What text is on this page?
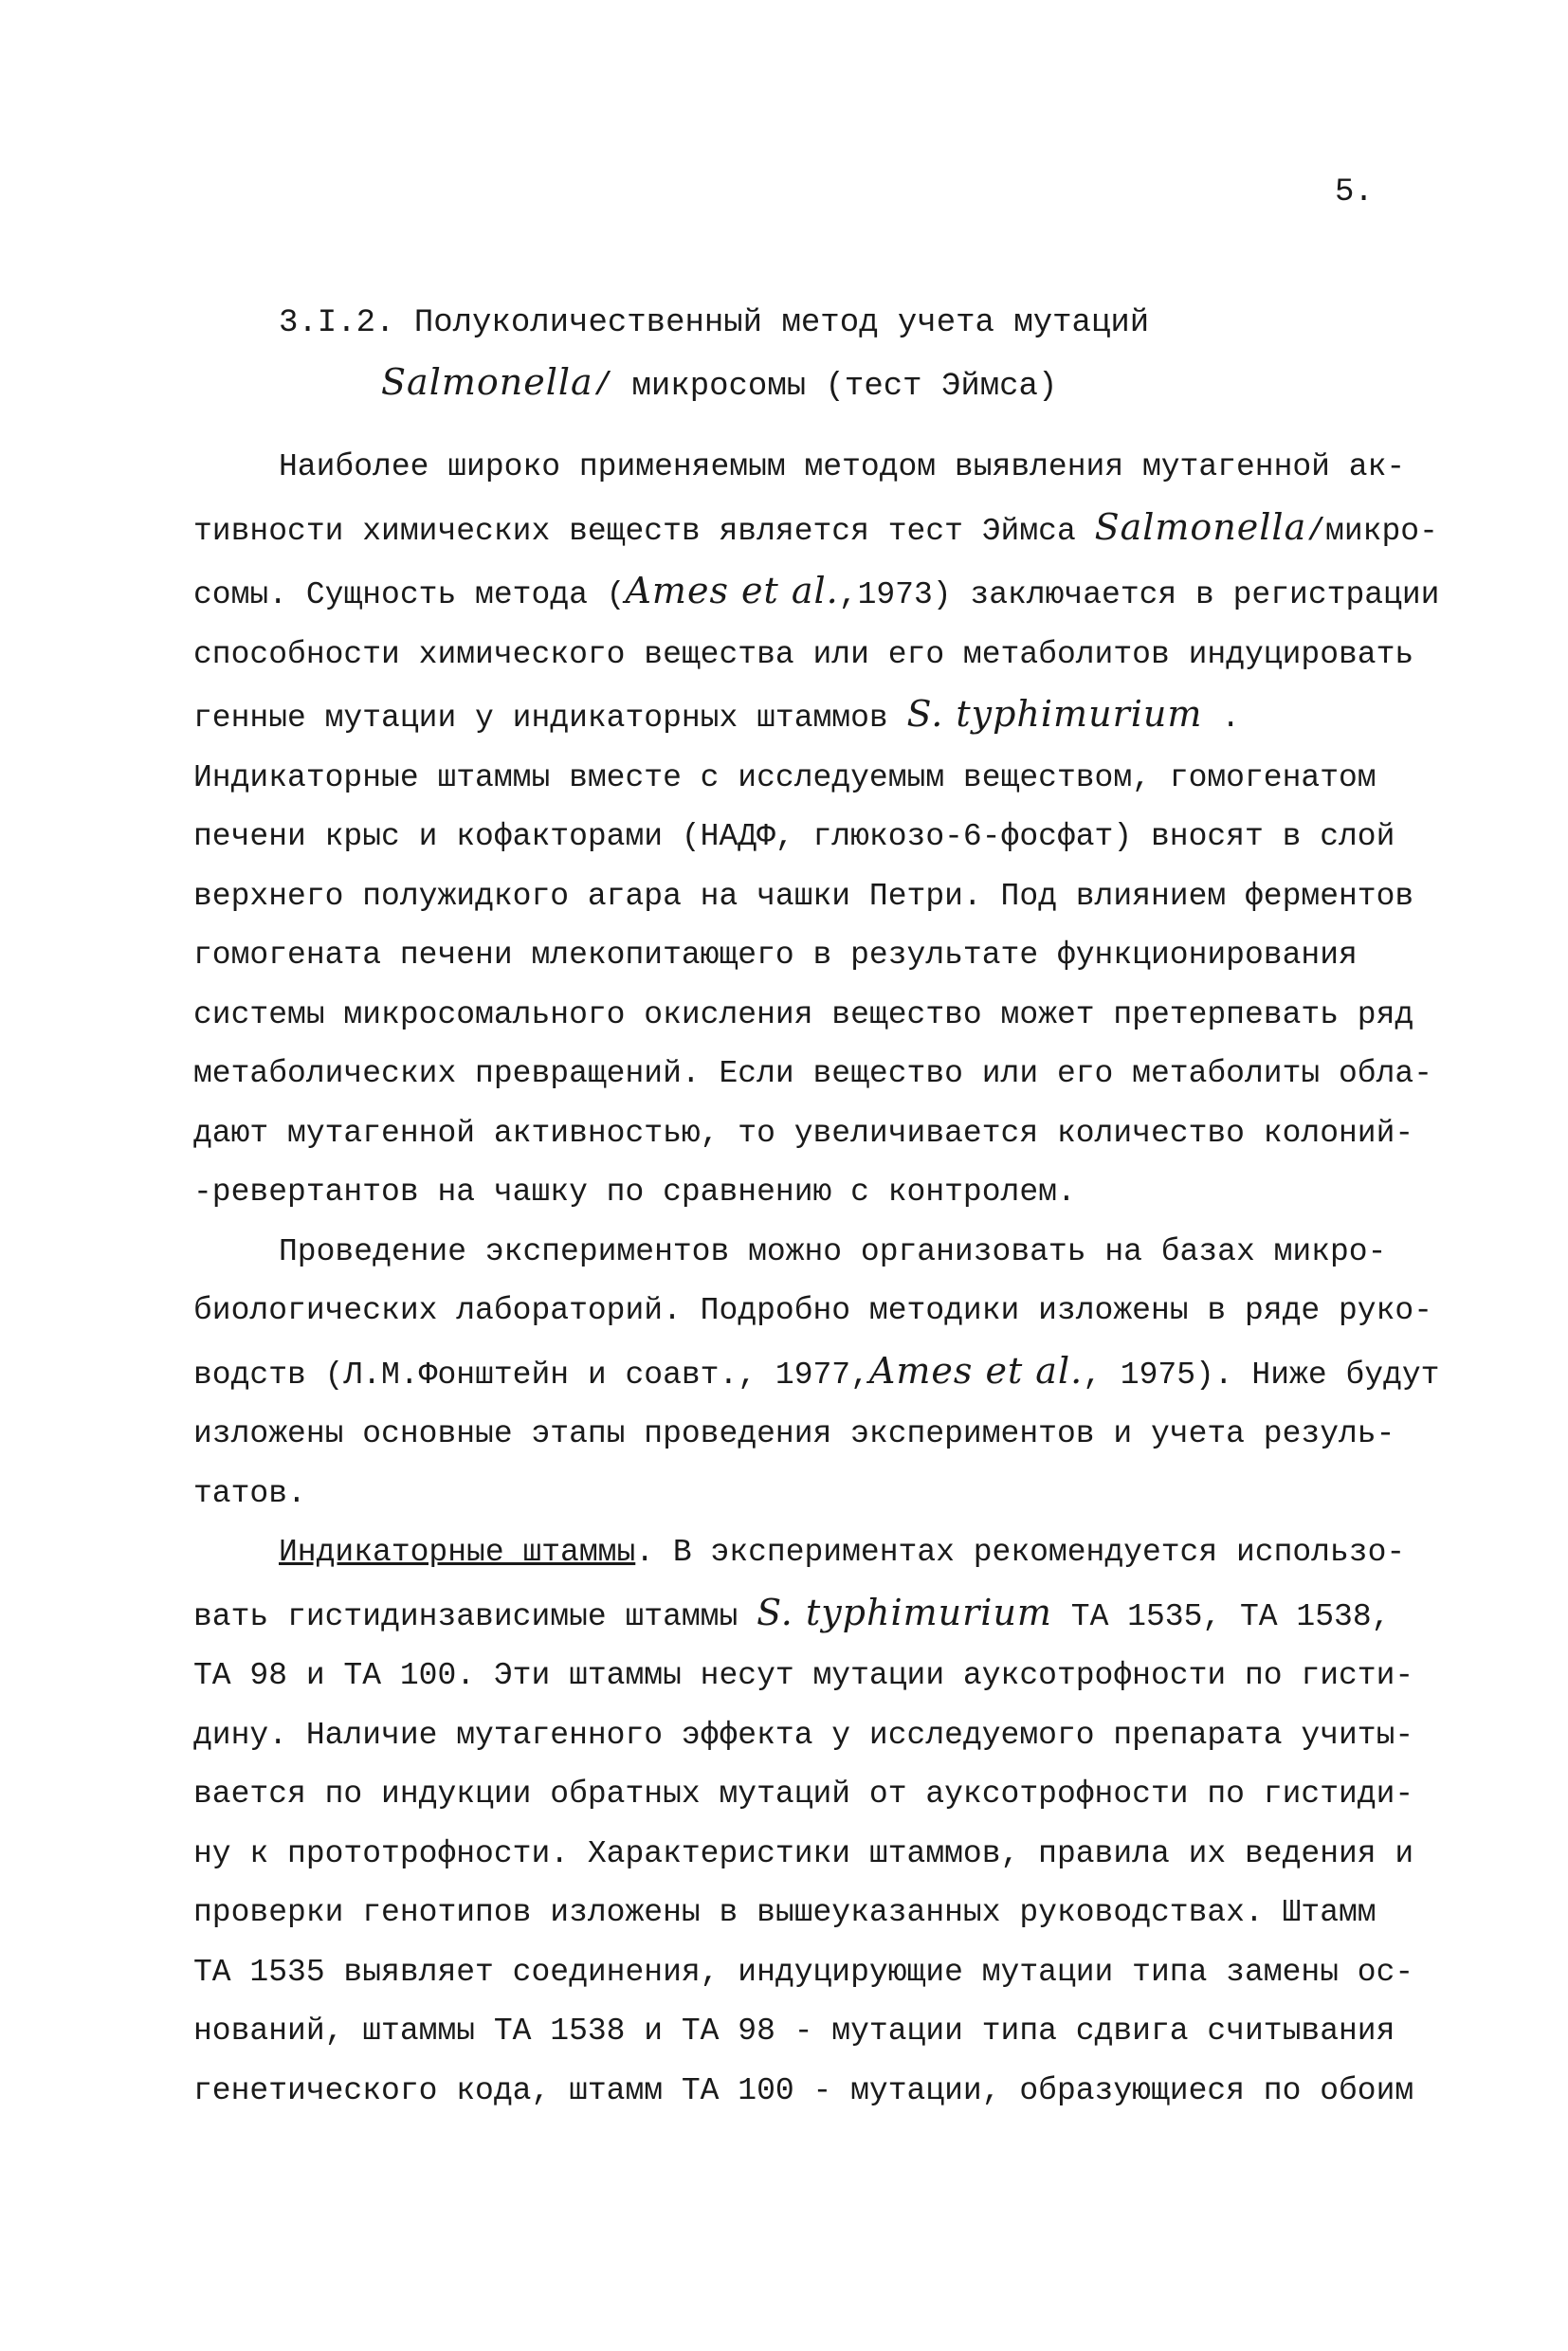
5.
3.I.2. Полуколичественный метод учета мутаций
Salmonella/ микросомы (тест Эймса)

Наиболее широко применяемым методом выявления мутагенной ак-
тивности химических веществ является тест Эймса Salmonella/микро-
сомы. Сущность метода (Ames et al.,1973) заключается в регистрации
способности химического вещества или его метаболитов индуцировать
генные мутации у индикаторных штаммов S. typhimurium .
Индикаторные штаммы вместе с исследуемым веществом, гомогенатом
печени крыс и кофакторами (НАДФ, глюкозо-6-фосфат) вносят в слой
верхнего полужидкого агара на чашки Петри. Под влиянием ферментов
гомогената печени млекопитающего в результате функционирования
системы микросомального окисления вещество может претерпевать ряд
метаболических превращений. Если вещество или его метаболиты обла-
дают мутагенной активностью, то увеличивается количество колоний-
-ревертантов на чашку по сравнению с контролем.

Проведение экспериментов можно организовать на базах микро-
биологических лабораторий. Подробно методики изложены в ряде руко-
водств (Л.М.Фонштейн и соавт., 1977,Ames et al., 1975). Ниже будут
изложены основные этапы проведения экспериментов и учета резуль-
татов.

Индикаторные штаммы. В экспериментах рекомендуется использо-
вать гистидинзависимые штаммы S. typhimurium ТА 1535, ТА 1538,
ТА 98 и ТА 100. Эти штаммы несут мутации ауксотрофности по гисти-
дину. Наличие мутагенного эффекта у исследуемого препарата учиты-
вается по индукции обратных мутаций от ауксотрофности по гистиди-
ну к прототрофности. Характеристики штаммов, правила их ведения и
проверки генотипов изложены в вышеуказанных руководствах. Штамм
ТА 1535 выявляет соединения, индуцирующие мутации типа замены ос-
нований, штаммы ТА 1538 и ТА 98 - мутации типа сдвига считывания
генетического кода, штамм ТА 100 - мутации, образующиеся по обоим
